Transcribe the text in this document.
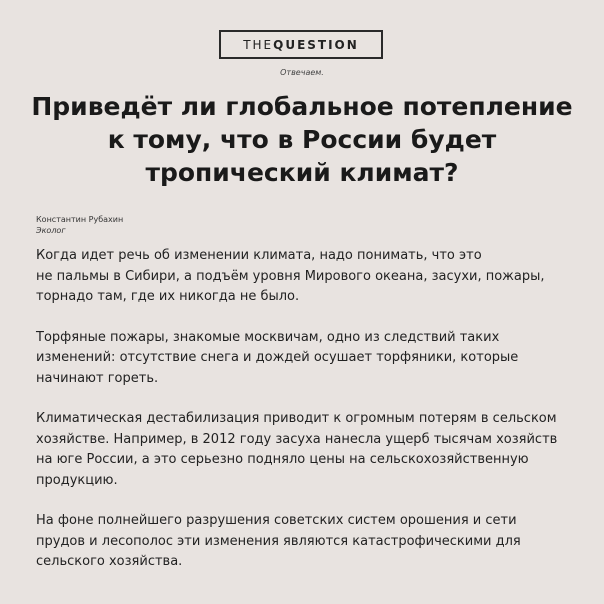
THE QUESTION
Отвечаем.
Приведёт ли глобальное потепление
к тому, что в России будет
тропический климат?
Константин Рубахин
Эколог

Когда идет речь об изменении климата, надо понимать, что это
не пальмы в Сибири, а подъём уровня Мирового океана, засухи, пожары,
торнадо там, где их никогда не было.

Торфяные пожары, знакомые москвичам, одно из следствий таких
изменений: отсутствие снега и дождей осушает торфяники, которые
начинают гореть.

Климатическая дестабилизация приводит к огромным потерям в сельском
хозяйстве. Например, в 2012 году засуха нанесла ущерб тысячам хозяйств
на юге России, а это серьезно подняло цены на сельскохозяйственную
продукцию.

На фоне полнейшего разрушения советских систем орошения и сети
прудов и лесополос эти изменения являются катастрофическими для
сельского хозяйства.
